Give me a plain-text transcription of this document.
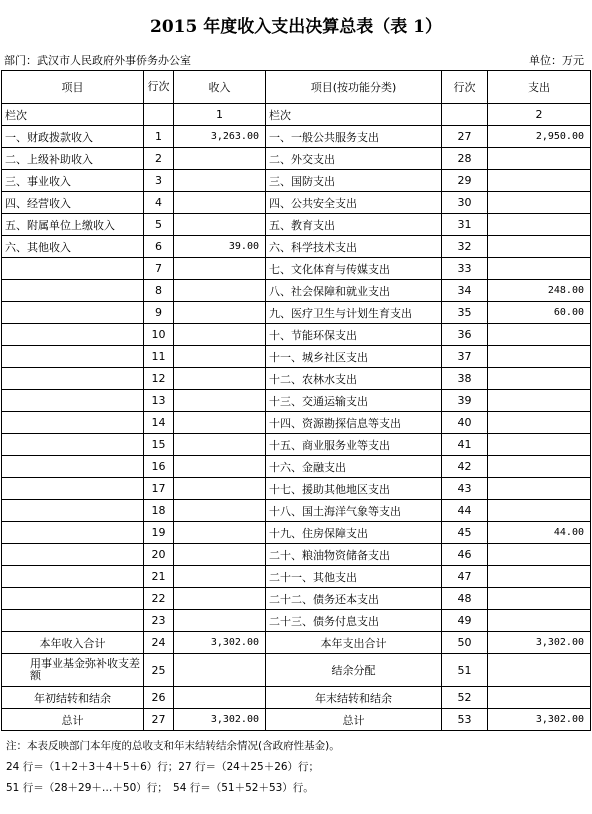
2015 年度收入支出决算总表（表 1）
部门：武汉市人民政府外事侨务办公室	单位：万元
项目	行次	收入	项目(按功能分类)	行次	支出
栏次		1	栏次		2
一、财政拨款收入	1	3,263.00	一、一般公共服务支出	27	2,950.00
二、上级补助收入	2		二、外交支出	28	
三、事业收入	3		三、国防支出	29	
四、经营收入	4		四、公共安全支出	30	
五、附属单位上缴收入	5		五、教育支出	31	
六、其他收入	6	39.00	六、科学技术支出	32	
	7		七、文化体育与传媒支出	33	
	8		八、社会保障和就业支出	34	248.00
	9		九、医疗卫生与计划生育支出	35	60.00
	10		十、节能环保支出	36	
	11		十一、城乡社区支出	37	
	12		十二、农林水支出	38	
	13		十三、交通运输支出	39	
	14		十四、资源勘探信息等支出	40	
	15		十五、商业服务业等支出	41	
	16		十六、金融支出	42	
	17		十七、援助其他地区支出	43	
	18		十八、国土海洋气象等支出	44	
	19		十九、住房保障支出	45	44.00
	20		二十、粮油物资储备支出	46	
	21		二十一、其他支出	47	
	22		二十二、债务还本支出	48	
	23		二十三、债务付息支出	49	
本年收入合计	24	3,302.00	本年支出合计	50	3,302.00
用事业基金弥补收支差额	25		结余分配	51	
年初结转和结余	26		年末结转和结余	52	
总计	27	3,302.00	总计	53	3,302.00
注：本表反映部门本年度的总收支和年末结转结余情况(含政府性基金)。
24 行＝（1＋2＋3＋4＋5＋6）行；27 行＝（24＋25＋26）行；
51 行＝（28＋29＋…＋50）行；　54 行＝（51＋52＋53）行。
